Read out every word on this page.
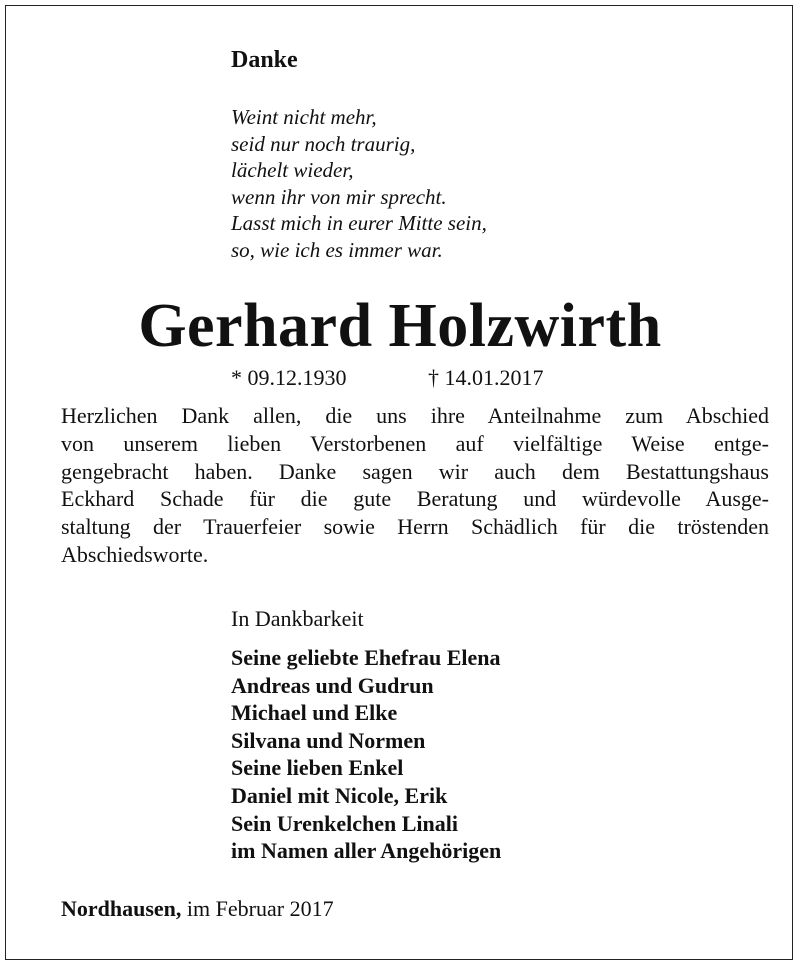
Danke
Weint nicht mehr,
seid nur noch traurig,
lächelt wieder,
wenn ihr von mir sprecht.
Lasst mich in eurer Mitte sein,
so, wie ich es immer war.
Gerhard Holzwirth
* 09.12.1930	† 14.01.2017
Herzlichen Dank allen, die uns ihre Anteilnahme zum Abschied
von unserem lieben Verstorbenen auf vielfältige Weise entge-
gengebracht haben. Danke sagen wir auch dem Bestattungshaus
Eckhard Schade für die gute Beratung und würdevolle Ausge-
staltung der Trauerfeier sowie Herrn Schädlich für die tröstenden
Abschiedsworte.
In Dankbarkeit
Seine geliebte Ehefrau Elena
Andreas und Gudrun
Michael und Elke
Silvana und Normen
Seine lieben Enkel
Daniel mit Nicole, Erik
Sein Urenkelchen Linali
im Namen aller Angehörigen
Nordhausen, im Februar 2017
